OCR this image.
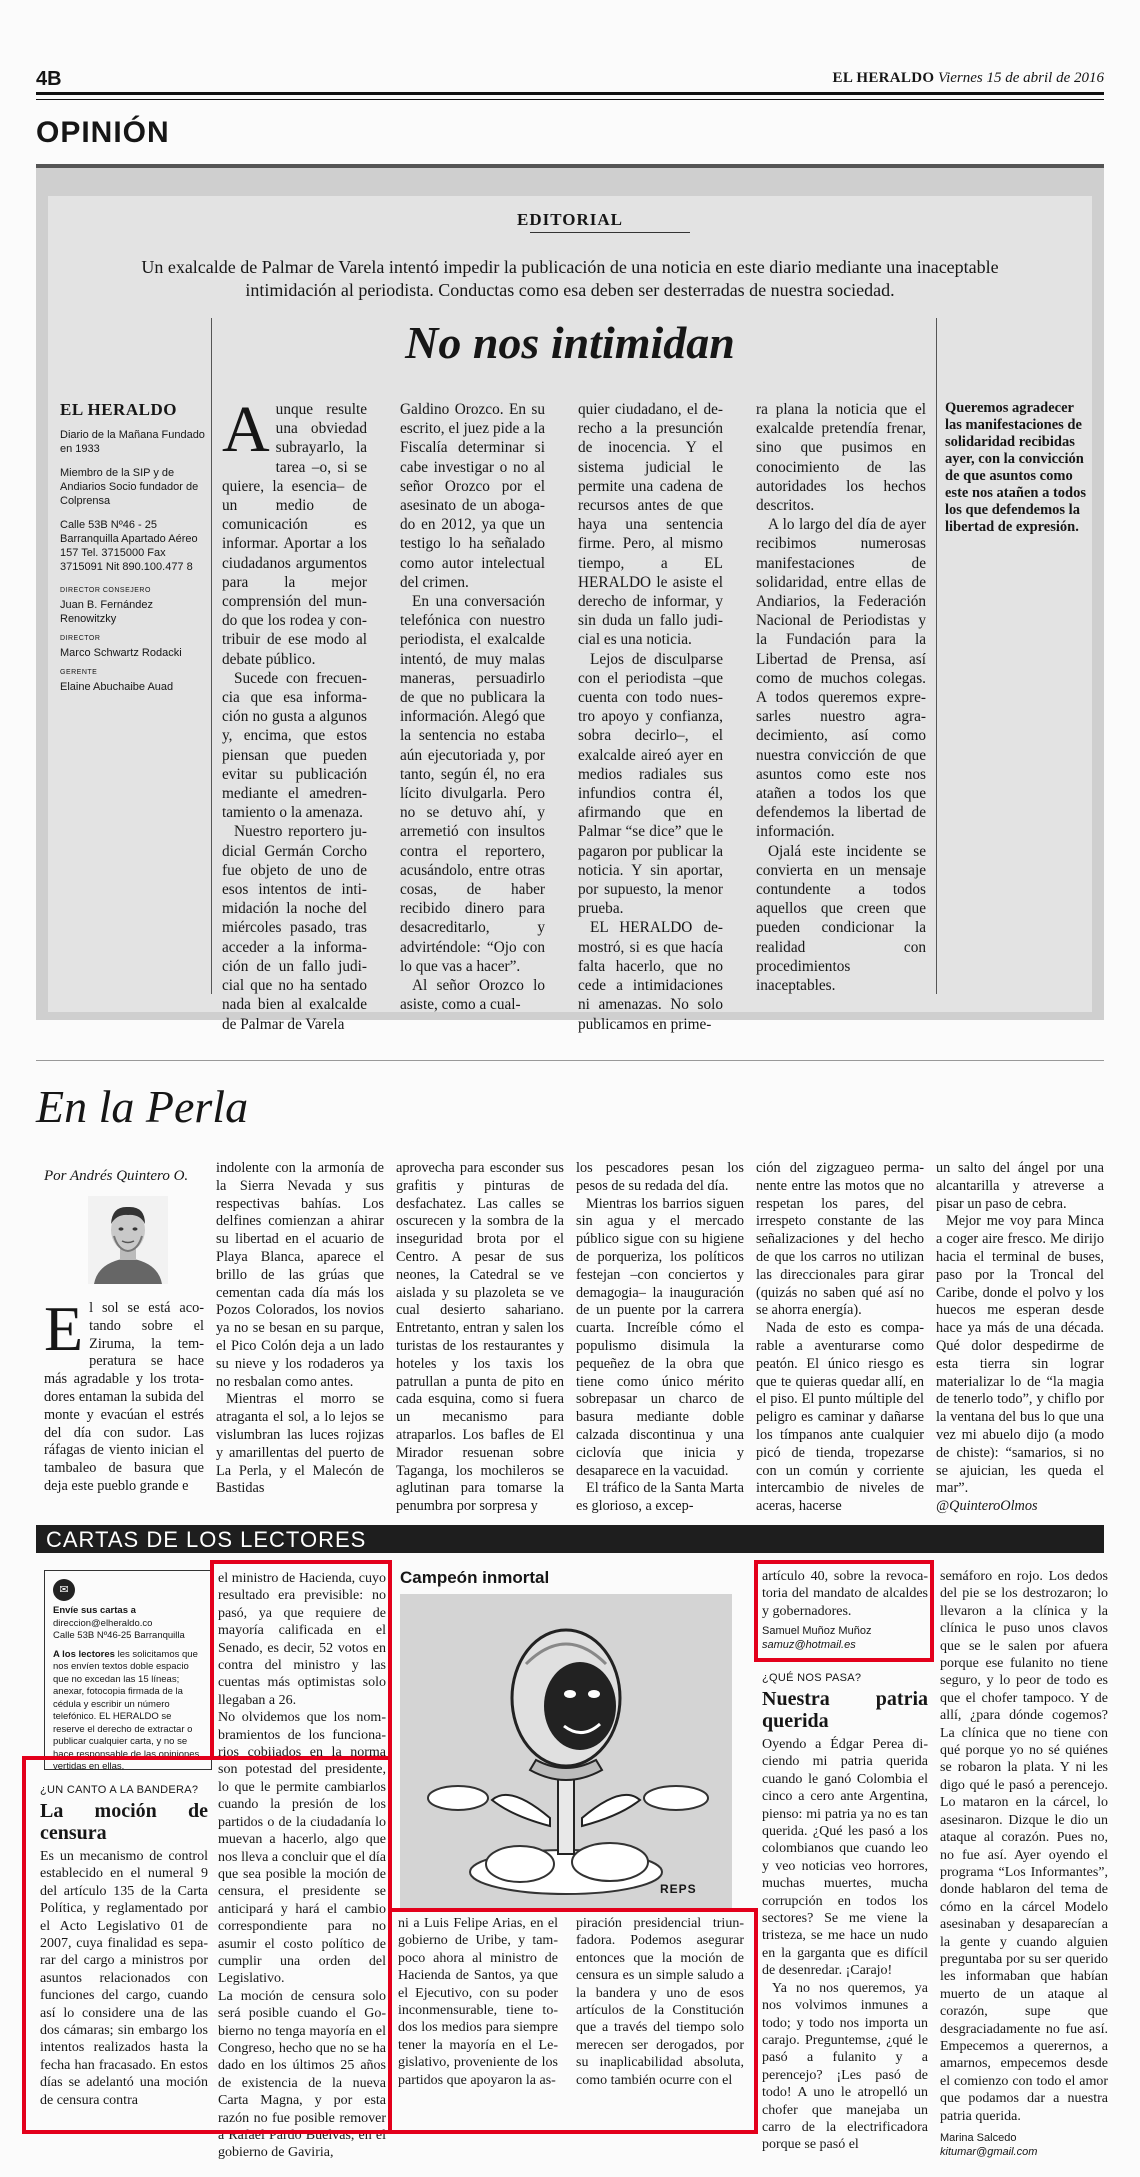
4B	EL HERALDO Viernes 15 de abril de 2016
OPINIÓN
EDITORIAL
Un exalcalde de Palmar de Varela intentó impedir la publicación de una noticia en este diario mediante una inaceptable intimidación al periodista. Conductas como esa deben ser desterradas de nuestra sociedad.
No nos intimidan
EL HERALDO

Diario de la Mañana Fundado en 1933

Miembro de la SIP y de Andiarios Socio fundador de Colprensa

Calle 53B Nº46 - 25 Barranquilla Apartado Aéreo 157 Tel. 3715000 Fax 3715091 Nit 890.100.477 8

DIRECTOR CONSEJERO
Juan B. Fernández Renowitzky
DIRECTOR
Marco Schwartz Rodacki
GERENTE
Elaine Abuchaibe Auad

Aunque resulte una obviedad subrayarlo, la tarea –o, si se quiere, la esencia– de un medio de comunicación es informar. Aportar a los ciudadanos argumentos para la mejor comprensión del mundo que los rodea y contribuir de ese modo al debate público.

Sucede con frecuencia que esa información no gusta a algunos y, encima, que estos piensan que pueden evitar su publicación mediante el amedrentamiento o la amenaza.

Nuestro reportero judicial Germán Corcho fue objeto de uno de esos intentos de intimidación la noche del miércoles pasado, tras acceder a la información de un fallo judicial que no ha sentado nada bien al exalcalde de Palmar de Varela

Galdino Orozco. En su escrito, el juez pide a la Fiscalía determinar si cabe investigar o no al señor Orozco por el asesinato de un abogado en 2012, ya que un testigo lo ha señalado como autor intelectual del crimen.

En una conversación telefónica con nuestro periodista, el exalcalde intentó, de muy malas maneras, persuadirlo de que no publicara la información. Alegó que la sentencia no estaba aún ejecutoriada y, por tanto, según él, no era lícito divulgarla. Pero no se detuvo ahí, y arremetió con insultos contra el reportero, acusándolo, entre otras cosas, de haber recibido dinero para desacreditarlo, y advirténdole: “Ojo con lo que vas a hacer”.

Al señor Orozco lo asiste, como a cual-

quier ciudadano, el derecho a la presunción de inocencia. Y el sistema judicial le permite una cadena de recursos antes de que haya una sentencia firme. Pero, al mismo tiempo, a EL HERALDO le asiste el derecho de informar, y sin duda un fallo judicial es una noticia.

Lejos de disculparse con el periodista –que cuenta con todo nuestro apoyo y confianza, sobra decirlo–, el exalcalde aireó ayer en medios radiales sus infundios contra él, afirmando que en Palmar “se dice” que le pagaron por publicar la noticia. Y sin aportar, por supuesto, la menor prueba.

EL HERALDO demostró, si es que hacía falta hacerlo, que no cede a intimidaciones ni amenazas. No solo publicamos en prime-

ra plana la noticia que el exalcalde pretendía frenar, sino que pusimos en conocimiento de las autoridades los hechos descritos.

A lo largo del día de ayer recibimos numerosas manifestaciones de solidaridad, entre ellas de Andiarios, la Federación Nacional de Periodistas y la Fundación para la Libertad de Prensa, así como de muchos colegas. A todos queremos expresarles nuestro agradecimiento, así como nuestra convicción de que asuntos como este nos atañen a todos los que defendemos la libertad de información.

Ojalá este incidente se convierta en un mensaje contundente a todos aquellos que creen que pueden condicionar la realidad con procedimientos inaceptables.

Queremos agradecer las manifestaciones de solidaridad recibidas ayer, con la convicción de que asuntos como este nos atañen a todos los que defendemos la libertad de expresión.
En la Perla
Por Andrés Quintero O.

El sol se está acotando sobre el Ziruma, la temperatura se hace más agradable y los trotadores entaman la subida del monte y evacúan el estrés del día con sudor. Las ráfagas de viento inician el tambaleo de basura que deja este pueblo grande e

indolente con la armonía de la Sierra Nevada y sus respectivas bahías. Los delfines comienzan a ahirar su libertad en el acuario de Playa Blanca, aparece el brillo de las grúas que cementan cada día más los Pozos Colorados, los novios ya no se besan en su parque, el Pico Colón deja a un lado su nieve y los rodaderos ya no resbalan como antes.

Mientras el morro se atraganta el sol, a lo lejos se vislumbran las luces rojizas y amarillentas del puerto de La Perla, y el Malecón de Bastidas

aprovecha para esconder sus grafitis y pinturas de desfachatez. Las calles se oscurecen y la sombra de la inseguridad brota por el Centro. A pesar de sus neones, la Catedral se ve aislada y su plazoleta se ve cual desierto sahariano. Entretanto, entran y salen los turistas de los restaurantes y hoteles y los taxis los patrullan a punta de pito en cada esquina, como si fuera un mecanismo para atraparlos. Los bafles de El Mirador resuenan sobre Taganga, los mochileros se aglutinan para tomarse la penumbra por sorpresa y

los pescadores pesan los pesos de su redada del día.

Mientras los barrios siguen sin agua y el mercado público sigue con su higiene de porqueriza, los políticos festejan –con conciertos y demagogia– la inauguración de un puente por la carrera cuarta. Increíble cómo el populismo disimula la pequeñez de la obra que tiene como único mérito sobrepasar un charco de basura mediante doble calzada discontinua y una ciclovía que inicia y desaparece en la vacuidad.

El tráfico de la Santa Marta es glorioso, a excep-

ción del zigzagueo permanente entre las motos que no respetan los pares, del irrespeto constante de las señalizaciones y del hecho de que los carros no utilizan las direccionales para girar (quizás no saben qué así no se ahorra energía).

Nada de esto es comparable a aventurarse como peatón. El único riesgo es que te quieras quedar allí, en el piso. El punto múltiple del peligro es caminar y dañarse los tímpanos ante cualquier picó de tienda, tropezarse con un común y corriente intercambio de niveles de aceras, hacerse

un salto del ángel por una alcantarilla y atreverse a pisar un paso de cebra.

Mejor me voy para Minca a coger aire fresco. Me dirijo hacia el terminal de buses, paso por la Troncal del Caribe, donde el polvo y los huecos me esperan desde hace ya más de una década. Qué dolor despedirme de esta tierra sin lograr materializar lo de “la magia de tenerlo todo”, y chiflo por la ventana del bus lo que una vez mi abuelo dijo (a modo de chiste): “samarios, si no se ajuician, les queda el mar”.

@QuinteroOlmos

CARTAS DE LOS LECTORES
✉

Envíe sus cartas a
direccion@elheraldo.co
Calle 53B Nº46-25 Barranquilla

A los lectores les solicitamos que nos envíen textos doble espacio que no excedan las 15 líneas; anexar, fotocopia firmada de la cédula y escribir un número telefónico. EL HERALDO se reserve el derecho de extractar o publicar cualquier carta, y no se hace responsable de las opiniones vertidas en ellas.

¿UN CANTO A LA BANDERA?
La moción de censura

Es un mecanismo de control establecido en el numeral 9 del artículo 135 de la Carta Política, y reglamentado por el Acto Legislativo 01 de 2007, cuya finalidad es separar del cargo a ministros por asuntos relacionados con funciones del cargo, cuando así lo considere una de las dos cámaras; sin embargo los intentos realizados hasta la fecha han fracasado. En estos días se adelantó una moción de censura contra

el ministro de Hacienda, cuyo resultado era previsible: no pasó, ya que requiere de mayoría calificada en el Senado, es decir, 52 votos en contra del ministro y las cuentas más optimistas solo llegaban a 26.

No olvidemos que los nombramientos de los funcionarios cobijados en la norma son potestad del presidente, lo que le permite cambiarlos cuando la presión de los partidos o de la ciudadanía lo muevan a hacerlo, algo que nos lleva a concluir que el día que sea posible la moción de censura, el presidente se anticipará y hará el cambio correspondiente para no asumir el costo político de cumplir una orden del Legislativo.

La moción de censura solo será posible cuando el Gobierno no tenga mayoría en el Congreso, hecho que no se ha dado en los últimos 25 años de existencia de la nueva Carta Magna, y por esta razón no fue posible remover a Rafael Pardo Buelvas, en el gobierno de Gaviria,

Campeón inmortal
REPS

ni a Luis Felipe Arias, en el gobierno de Uribe, y tampoco ahora al ministro de Hacienda de Santos, ya que el Ejecutivo, con su poder inconmensurable, tiene todos los medios para siempre tener la mayoría en el Legislativo, proveniente de los partidos que apoyaron la as-

piración presidencial triunfadora. Podemos asegurar entonces que la moción de censura es un simple saludo a la bandera y uno de esos artículos de la Constitución que a través del tiempo solo merecen ser derogados, por su inaplicabilidad absoluta, como también ocurre con el

artículo 40, sobre la revocatoria del mandato de alcaldes y gobernadores.

Samuel Muñoz Muñoz
samuz@hotmail.es

¿QUÉ NOS PASA?
Nuestra patria querida

Oyendo a Édgar Perea diciendo mi patria querida cuando le ganó Colombia el cinco a cero ante Argentina, pienso: mi patria ya no es tan querida. ¿Qué les pasó a los colombianos que cuando leo y veo noticias veo horrores, muchas muertes, mucha corrupción en todos los sectores? Se me viene la tristeza, se me hace un nudo en la garganta que es difícil de desenredar. ¡Carajo!

Ya no nos queremos, ya nos volvimos inmunes a todo; y todo nos importa un carajo. Preguntemse, ¿qué le pasó a fulanito y a perencejo? ¡Les pasó de todo! A uno le atropelló un chofer que manejaba un carro de la electrificadora porque se pasó el

semáforo en rojo. Los dedos del pie se los destrozaron; lo llevaron a la clínica y la clínica le puso unos clavos que se le salen por afuera porque ese fulanito no tiene seguro, y lo peor de todo es que el chofer tampoco. Y de allí, ¿para dónde cogemos? La clínica que no tiene con qué porque yo no sé quiénes se robaron la plata. Y ni les digo qué le pasó a perencejo. Lo mataron en la cárcel, lo asesinaron. Dizque le dio un ataque al corazón. Pues no, no fue así. Ayer oyendo el programa “Los Informantes”, donde hablaron del tema de cómo en la cárcel Modelo asesinaban y desaparecían a la gente y cuando alguien preguntaba por su ser querido les informaban que habían muerto de un ataque al corazón, supe que desgraciadamente no fue así. Empecemos a querernos, a amarnos, empecemos desde el comienzo con todo el amor que podamos dar a nuestra patria querida.

Marina Salcedo
kitumar@gmail.com
